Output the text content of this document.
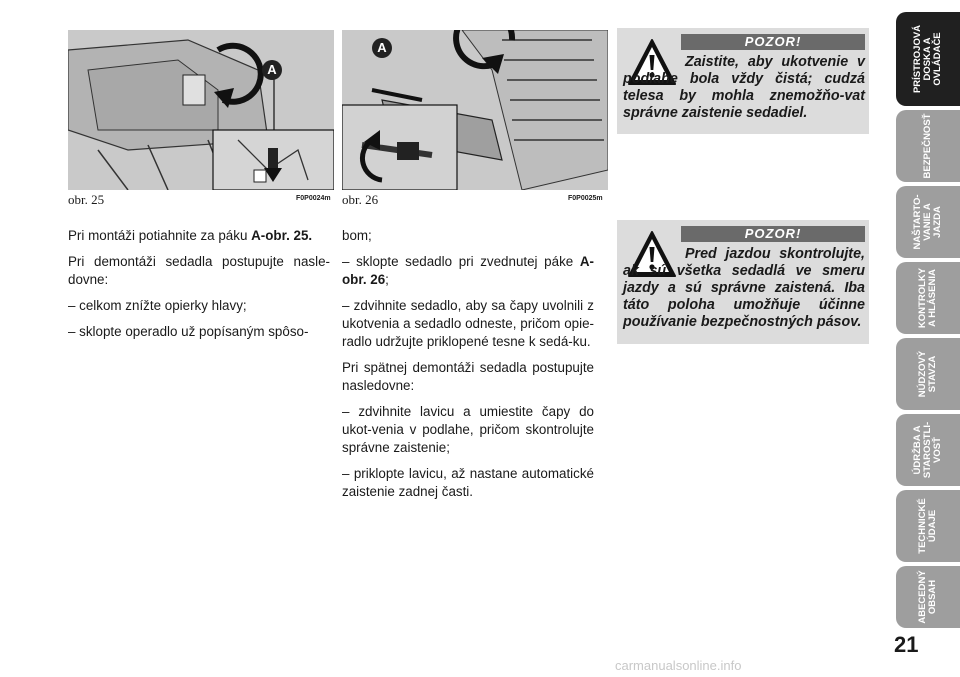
A
obr. 25	F0P0024m
A
obr. 26	F0P0025m

Pri montáži potiahnite za páku A-obr. 25.

Pri demontáži sedadla postupujte nasle-dovne:

– celkom znížte opierky hlavy;

– sklopte operadlo už popísaným spôso-

bom;

– sklopte sedadlo pri zvednutej páke A-obr. 26;

– zdvihnite sedadlo, aby sa čapy uvolnili z ukotvenia a sedadlo odneste, pričom opie-radlo udržujte priklopené tesne k sedá-ku.

Pri spätnej demontáži sedadla postupujte nasledovne:

– zdvihnite lavicu a umiestite čapy do ukot-venia v podlahe, pričom skontrolujte správne zaistenie;

– priklopte lavicu, až nastane automatické zaistenie zadnej časti.

POZOR!
Zaistite, aby ukotvenie v podlahe bola vždy čistá; cudzá telesa by mohla znemožňo-vat správne zaistenie sedadiel.
POZOR!
Pred jazdou skontrolujte, ak sú všetka sedadlá ve smeru jazdy a sú správne zaistená. Iba táto poloha umožňuje účinne používanie bezpečnostných pásov.
PRÍSTROJOVÁ
DOSKA A
OVLÁDAČE
BEZPEČNOSŤ
NAŠTARTO-
VANIE A
JAZDA
KONTROLKY
A HLÁSENIA
NÚDZOVÝ
STAVZA
ÚDRŽBA A
STAROSTLI-
VOSŤ
TECHNICKÉ
ÚDAJE
ABECEDNÝ
OBSAH
21
carmanualsonline.info
